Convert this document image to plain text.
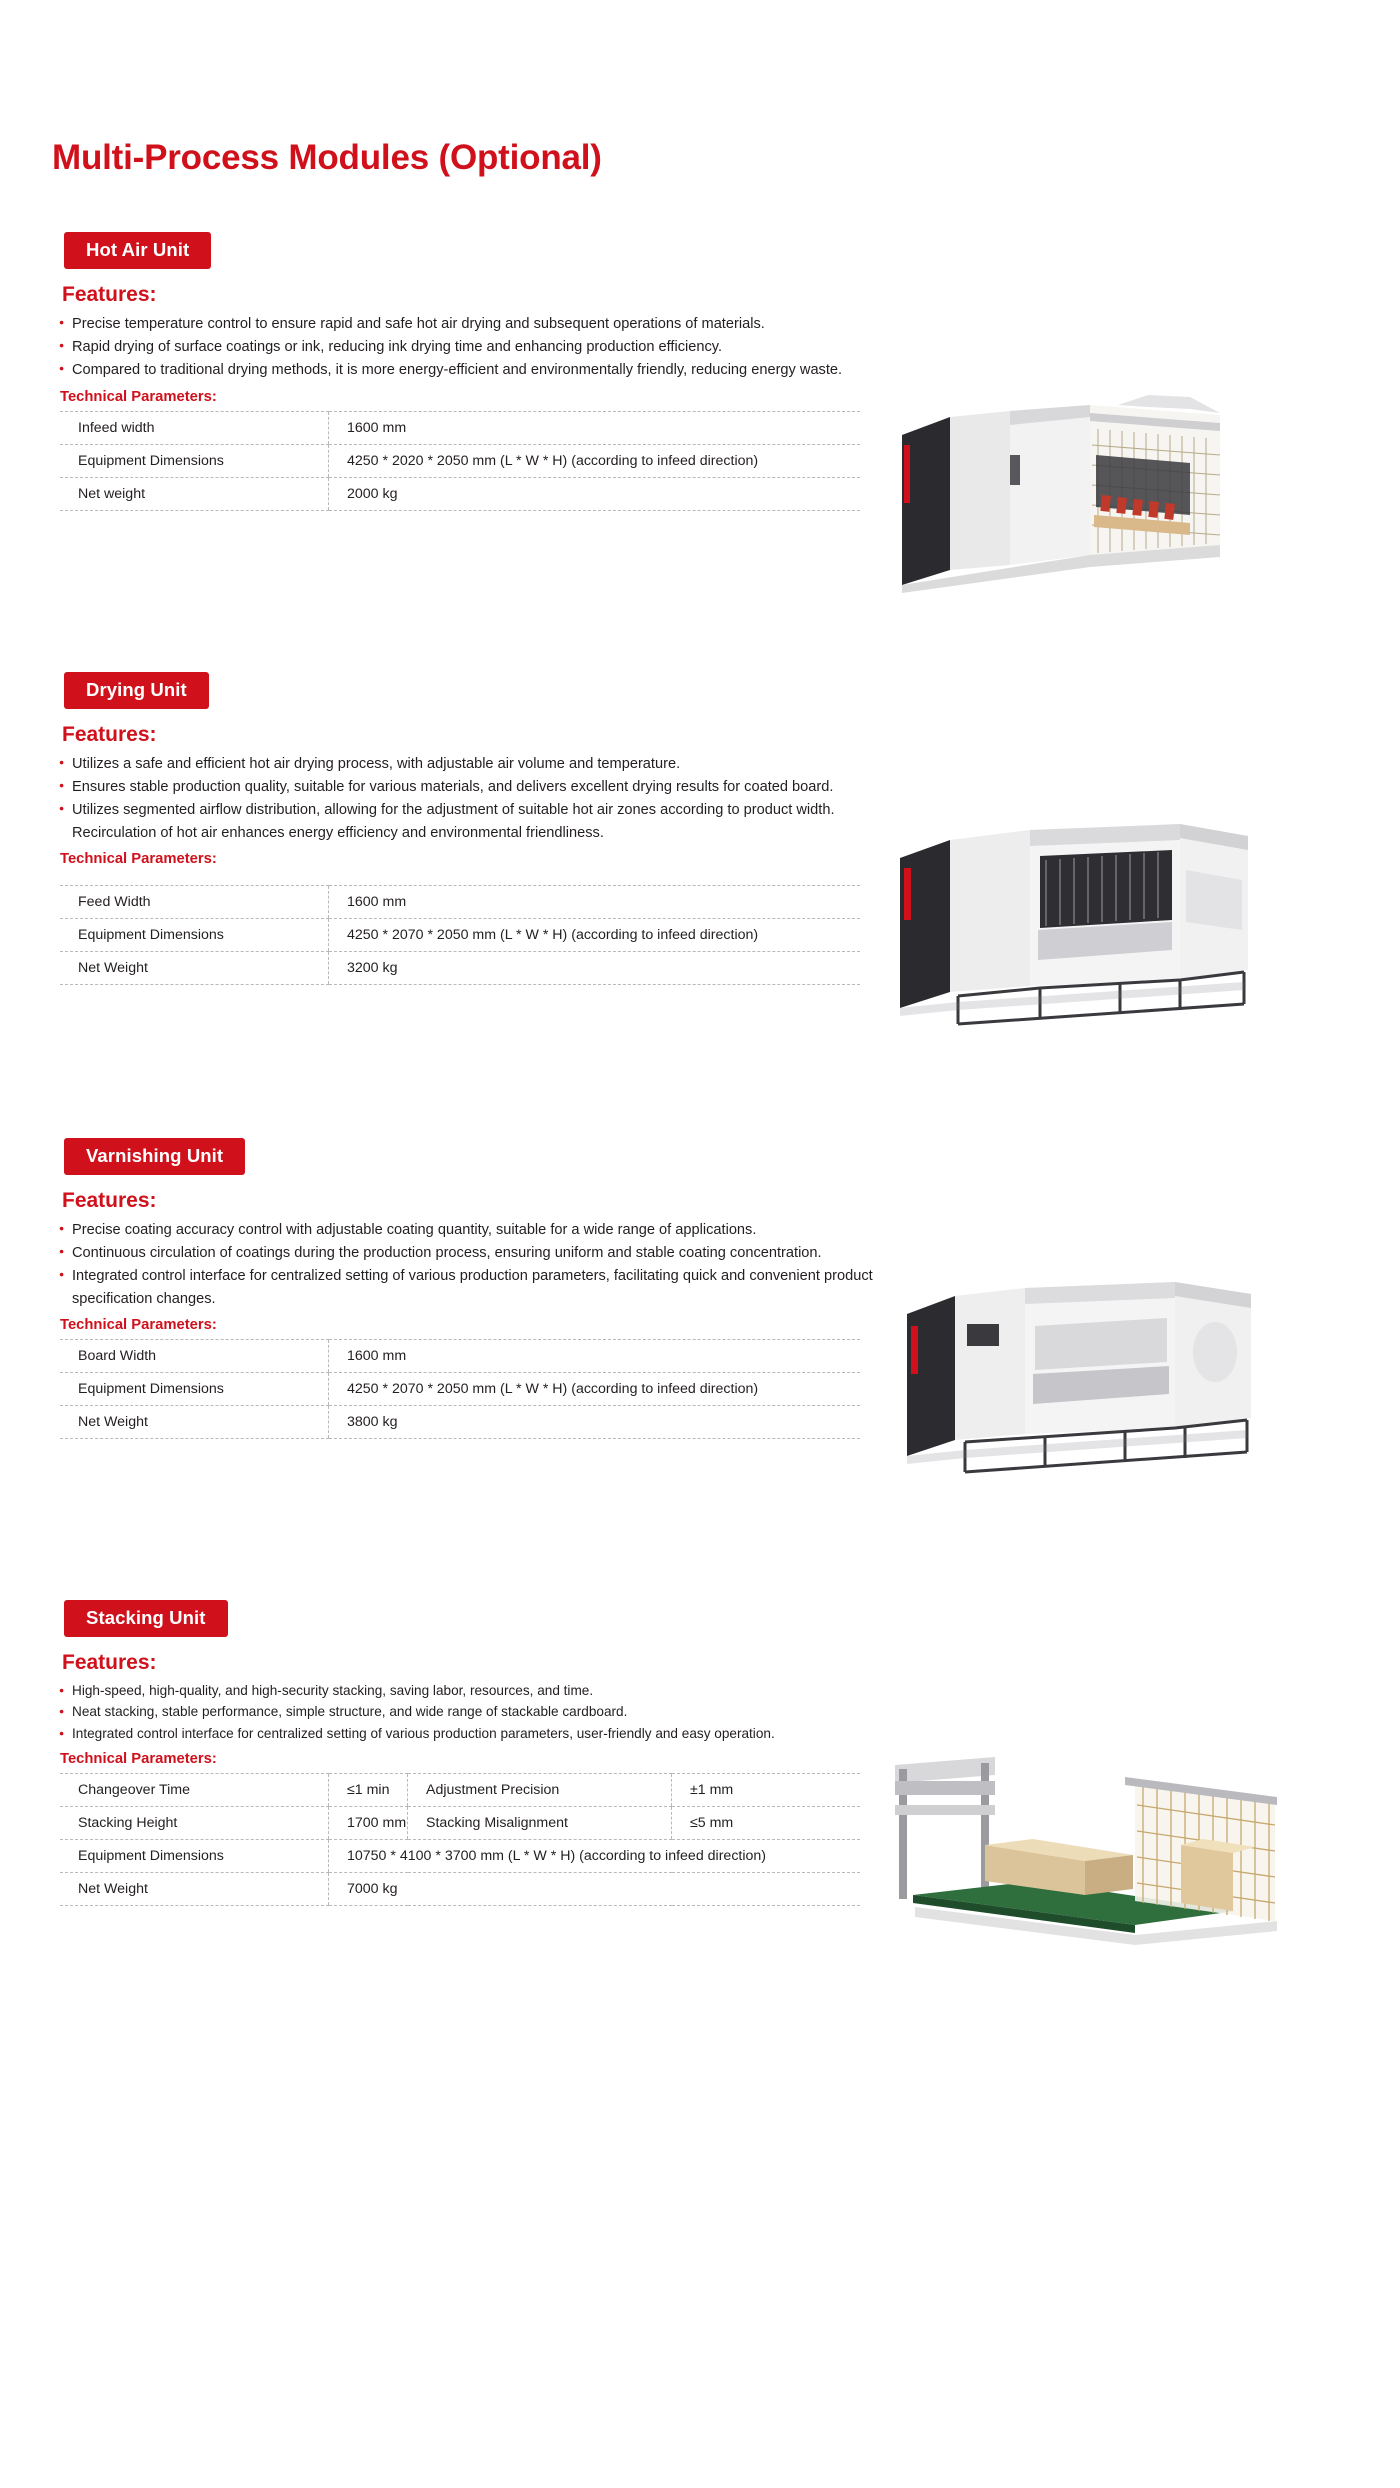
Multi-Process Modules (Optional)
Hot Air Unit
Features:
● Precise temperature control to ensure rapid and safe hot air drying and subsequent operations of materials.
● Rapid drying of surface coatings or ink, reducing ink drying time and enhancing production efficiency.
● Compared to traditional drying methods, it is more energy-efficient and environmentally friendly, reducing energy waste.
Technical Parameters:
Infeed width	1600 mm
Equipment Dimensions	4250 * 2020 * 2050 mm (L * W * H) (according to infeed direction)
Net weight	2000 kg
Drying Unit
Features:
● Utilizes a safe and efficient hot air drying process, with adjustable air volume and temperature.
● Ensures stable production quality, suitable for various materials, and delivers excellent drying results for coated board.
● Utilizes segmented airflow distribution, allowing for the adjustment of suitable hot air zones according to product width. Recirculation of hot air enhances energy efficiency and environmental friendliness.
Technical Parameters:
Feed Width	1600 mm
Equipment Dimensions	4250 * 2070 * 2050 mm (L * W * H) (according to infeed direction)
Net Weight	3200 kg
Varnishing Unit
Features:
● Precise coating accuracy control with adjustable coating quantity, suitable for a wide range of applications.
● Continuous circulation of coatings during the production process, ensuring uniform and stable coating concentration.
● Integrated control interface for centralized setting of various production parameters, facilitating quick and convenient product specification changes.
Technical Parameters:
Board Width	1600 mm
Equipment Dimensions	4250 * 2070 * 2050 mm (L * W * H) (according to infeed direction)
Net Weight	3800 kg
Stacking Unit
Features:
● High-speed, high-quality, and high-security stacking, saving labor, resources, and time.
● Neat stacking, stable performance, simple structure, and wide range of stackable cardboard.
● Integrated control interface for centralized setting of various production parameters, user-friendly and easy operation.
Technical Parameters:
Changeover Time	≤1 min	Adjustment Precision	±1 mm
Stacking Height	1700 mm	Stacking Misalignment	≤5 mm
Equipment Dimensions	10750 * 4100 * 3700 mm (L * W * H) (according to infeed direction)		
Net Weight	7000 kg		
